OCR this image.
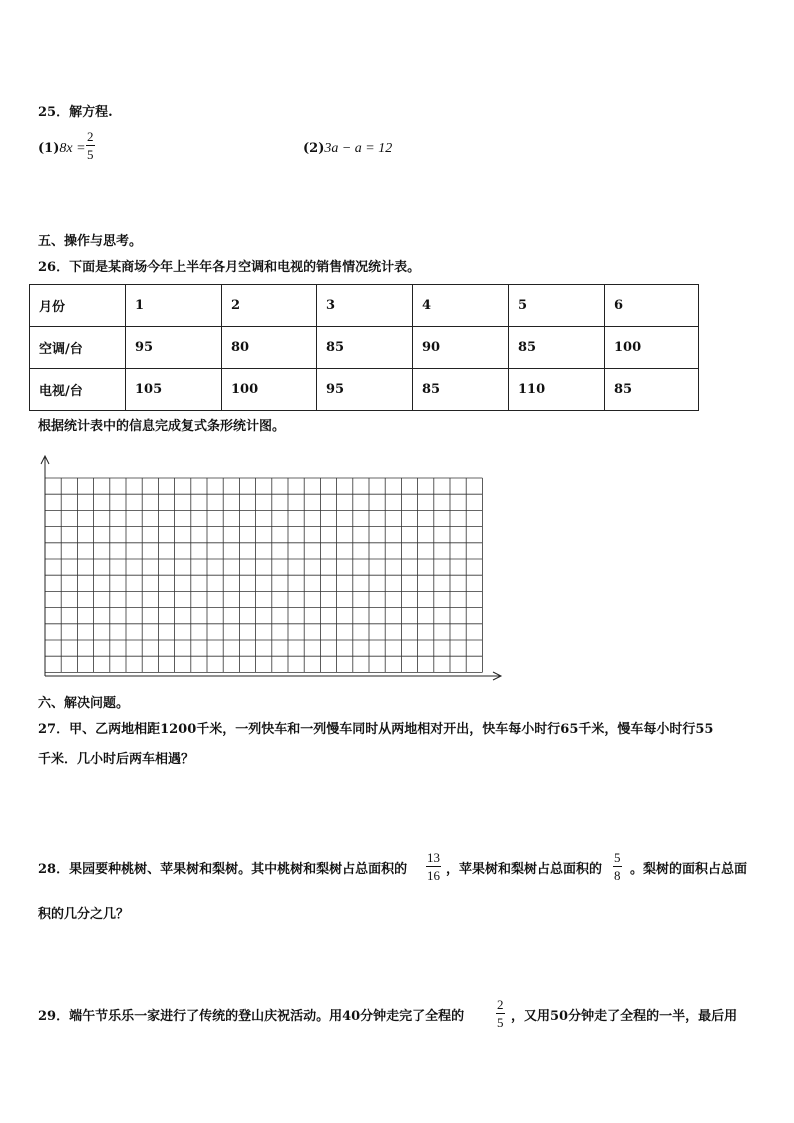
25．解方程.
(1)8x =
2
5	(2)3a − a = 12
五、操作与思考。
26．下面是某商场今年上半年各月空调和电视的销售情况统计表。
月份	1	2	3	4	5	6
空调/台	95	80	85	90	85	100
电视/台	105	100	95	85	110	85
根据统计表中的信息完成复式条形统计图。
六、解决问题。
27．甲、乙两地相距1200千米，一列快车和一列慢车同时从两地相对开出，快车每小时行65千米，慢车每小时行55
千米．几小时后两车相遇？
28．果园要种桃树、苹果树和梨树。其中桃树和梨树占总面积的
13
16 ，苹果树和梨树占总面积的
5
8 。梨树的面积占总面
积的几分之几？
29．端午节乐乐一家进行了传统的登山庆祝活动。用40分钟走完了全程的
2
5 ，又用50分钟走了全程的一半，最后用
